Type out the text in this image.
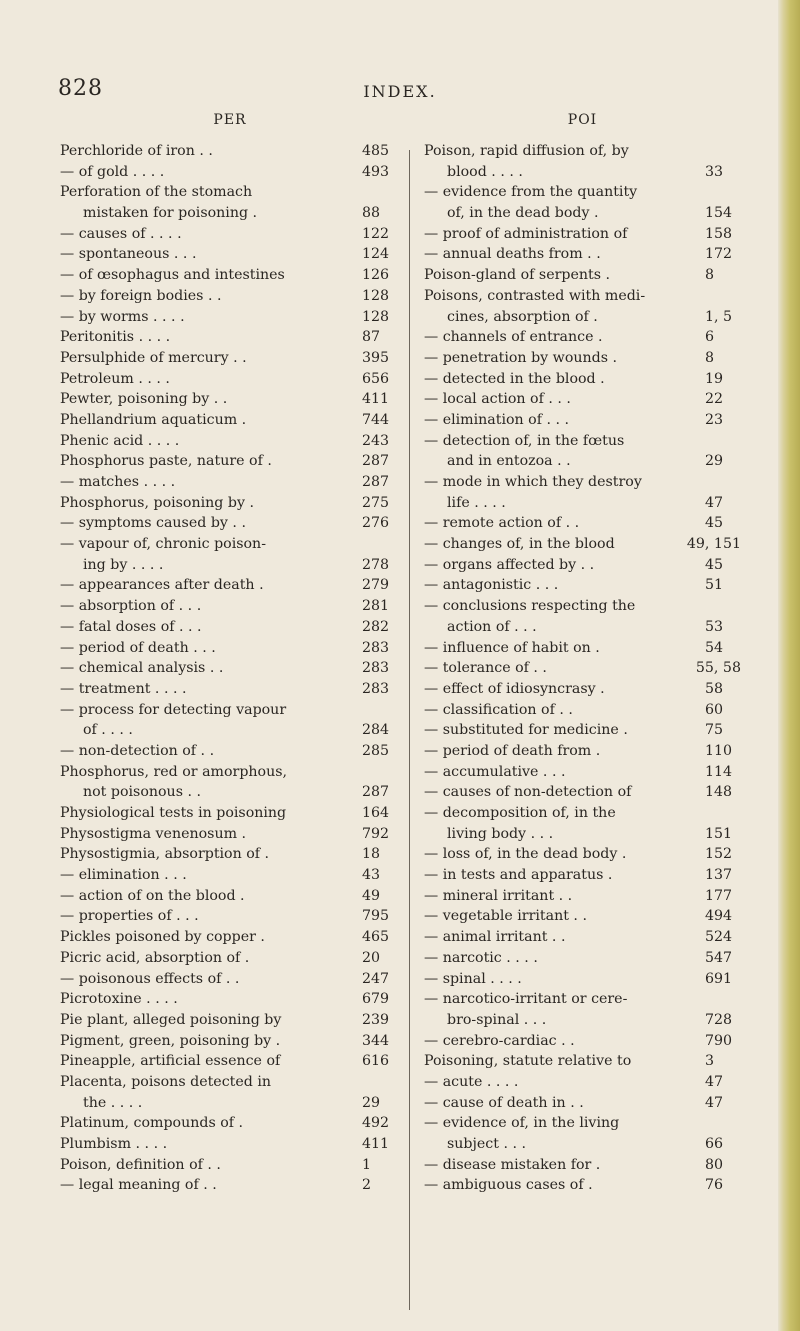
828	INDEX.
PER
Perchloride of iron . .	485
— of gold . . . .	493
Perforation of the stomach
mistaken for poisoning .	88
— causes of . . . .	122
— spontaneous . . .	124
— of œsophagus and intestines	126
— by foreign bodies . .	128
— by worms . . . .	128
Peritonitis . . . .	87
Persulphide of mercury . .	395
Petroleum . . . .	656
Pewter, poisoning by . .	411
Phellandrium aquaticum .	744
Phenic acid . . . .	243
Phosphorus paste, nature of .	287
— matches . . . .	287
Phosphorus, poisoning by .	275
— symptoms caused by . .	276
— vapour of, chronic poison-
ing by . . . .	278
— appearances after death .	279
— absorption of . . .	281
— fatal doses of . . .	282
— period of death . . .	283
— chemical analysis . .	283
— treatment . . . .	283
— process for detecting vapour
of . . . .	284
— non-detection of . .	285
Phosphorus, red or amorphous,
not poisonous . .	287
Physiological tests in poisoning	164
Physostigma venenosum .	792
Physostigmia, absorption of .	18
— elimination . . .	43
— action of on the blood .	49
— properties of . . .	795
Pickles poisoned by copper .	465
Picric acid, absorption of .	20
— poisonous effects of . .	247
Picrotoxine . . . .	679
Pie plant, alleged poisoning by	239
Pigment, green, poisoning by .	344
Pineapple, artificial essence of	616
Placenta, poisons detected in
the . . . .	29
Platinum, compounds of .	492
Plumbism . . . .	411
Poison, definition of . .	1
— legal meaning of . .	2
POI
Poison, rapid diffusion of, by
blood . . . .	33
— evidence from the quantity
of, in the dead body .	154
— proof of administration of	158
— annual deaths from . .	172
Poison-gland of serpents .	8
Poisons, contrasted with medi-
cines, absorption of .	1, 5
— channels of entrance .	6
— penetration by wounds .	8
— detected in the blood .	19
— local action of . . .	22
— elimination of . . .	23
— detection of, in the fœtus
and in entozoa . .	29
— mode in which they destroy
life . . . .	47
— remote action of . .	45
— changes of, in the blood	49, 151
— organs affected by . .	45
— antagonistic . . .	51
— conclusions respecting the
action of . . .	53
— influence of habit on .	54
— tolerance of . .	55, 58
— effect of idiosyncrasy .	58
— classification of . .	60
— substituted for medicine .	75
— period of death from .	110
— accumulative . . .	114
— causes of non-detection of	148
— decomposition of, in the
living body . . .	151
— loss of, in the dead body .	152
— in tests and apparatus .	137
— mineral irritant . .	177
— vegetable irritant . .	494
— animal irritant . .	524
— narcotic . . . .	547
— spinal . . . .	691
— narcotico-irritant or cere-
bro-spinal . . .	728
— cerebro-cardiac . .	790
Poisoning, statute relative to	3
— acute . . . .	47
— cause of death in . .	47
— evidence of, in the living
subject . . .	66
— disease mistaken for .	80
— ambiguous cases of .	76
